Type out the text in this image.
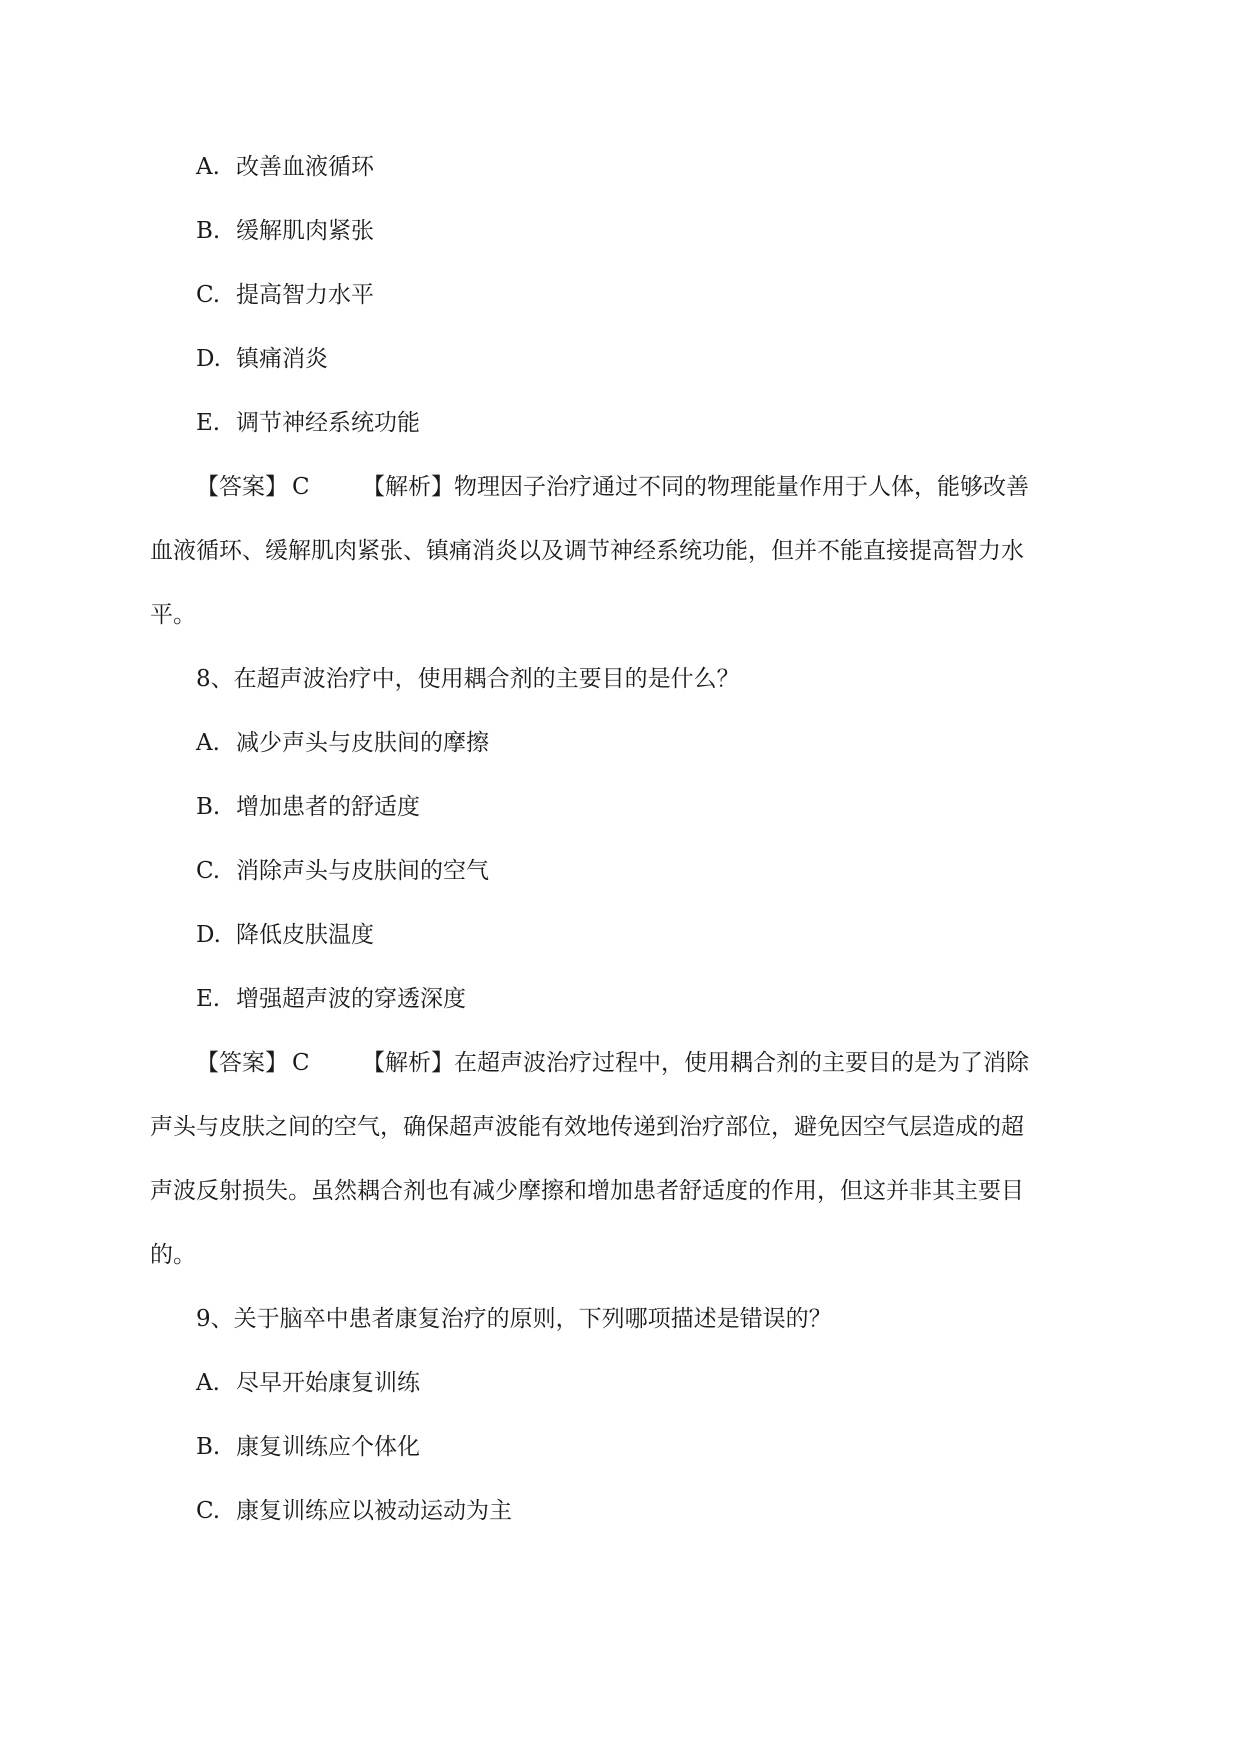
A. 改善血液循环
B. 缓解肌肉紧张
C. 提高智力水平
D. 镇痛消炎
E. 调节神经系统功能
【答案】 C 【解析】物理因子治疗通过不同的物理能量作用于人体，能够改善
血液循环、缓解肌肉紧张、镇痛消炎以及调节神经系统功能，但并不能直接提高智力水
平。
8、在超声波治疗中，使用耦合剂的主要目的是什么？
A. 减少声头与皮肤间的摩擦
B. 增加患者的舒适度
C. 消除声头与皮肤间的空气
D. 降低皮肤温度
E. 增强超声波的穿透深度
【答案】 C 【解析】在超声波治疗过程中，使用耦合剂的主要目的是为了消除
声头与皮肤之间的空气，确保超声波能有效地传递到治疗部位，避免因空气层造成的超
声波反射损失。虽然耦合剂也有减少摩擦和增加患者舒适度的作用，但这并非其主要目
的。
9、关于脑卒中患者康复治疗的原则，下列哪项描述是错误的？
A. 尽早开始康复训练
B. 康复训练应个体化
C. 康复训练应以被动运动为主
